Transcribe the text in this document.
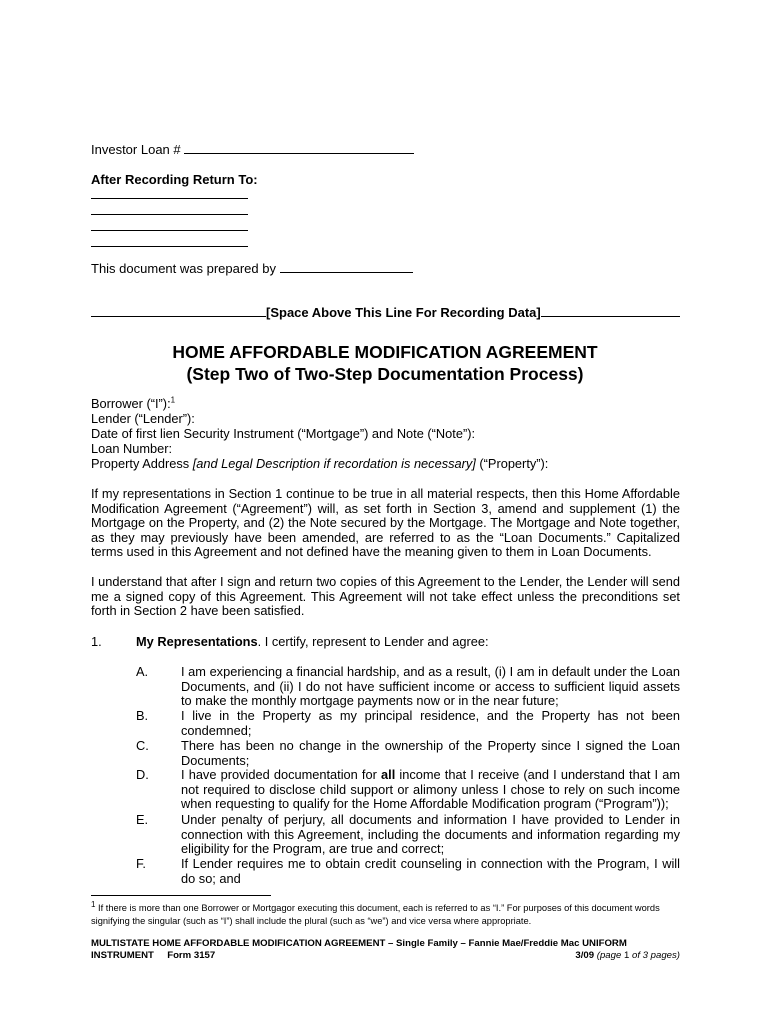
Investor Loan #
After Recording Return To:
This document was prepared by
[Space Above This Line For Recording Data]
HOME AFFORDABLE MODIFICATION AGREEMENT
(Step Two of Two-Step Documentation Process)
Borrower (“I”):$^1$
Lender (“Lender”):
Date of first lien Security Instrument (“Mortgage”) and Note (“Note”):
Loan Number:
Property Address [and Legal Description if recordation is necessary] (“Property”):
If my representations in Section 1 continue to be true in all material respects, then this Home Affordable Modification Agreement (“Agreement”) will, as set forth in Section 3, amend and supplement (1) the Mortgage on the Property, and (2) the Note secured by the Mortgage. The Mortgage and Note together, as they may previously have been amended, are referred to as the “Loan Documents.” Capitalized terms used in this Agreement and not defined have the meaning given to them in Loan Documents.
I understand that after I sign and return two copies of this Agreement to the Lender, the Lender will send me a signed copy of this Agreement. This Agreement will not take effect unless the preconditions set forth in Section 2 have been satisfied.
1.	My Representations. I certify, represent to Lender and agree:
A.	I am experiencing a financial hardship, and as a result, (i) I am in default under the Loan Documents, and (ii) I do not have sufficient income or access to sufficient liquid assets to make the monthly mortgage payments now or in the near future;
B.	I live in the Property as my principal residence, and the Property has not been condemned;
C.	There has been no change in the ownership of the Property since I signed the Loan Documents;
D.	I have provided documentation for all income that I receive (and I understand that I am not required to disclose child support or alimony unless I chose to rely on such income when requesting to qualify for the Home Affordable Modification program (“Program”));
E.	Under penalty of perjury, all documents and information I have provided to Lender in connection with this Agreement, including the documents and information regarding my eligibility for the Program, are true and correct;
F.	If Lender requires me to obtain credit counseling in connection with the Program, I will do so; and
$^1$ If there is more than one Borrower or Mortgagor executing this document, each is referred to as “I.” For purposes of this document words signifying the singular (such as “I”) shall include the plural (such as “we”) and vice versa where appropriate.
MULTISTATE HOME AFFORDABLE MODIFICATION AGREEMENT – Single Family – Fannie Mae/Freddie Mac UNIFORM
INSTRUMENT     Form 3157	3/09 (page 1 of 3 pages)
